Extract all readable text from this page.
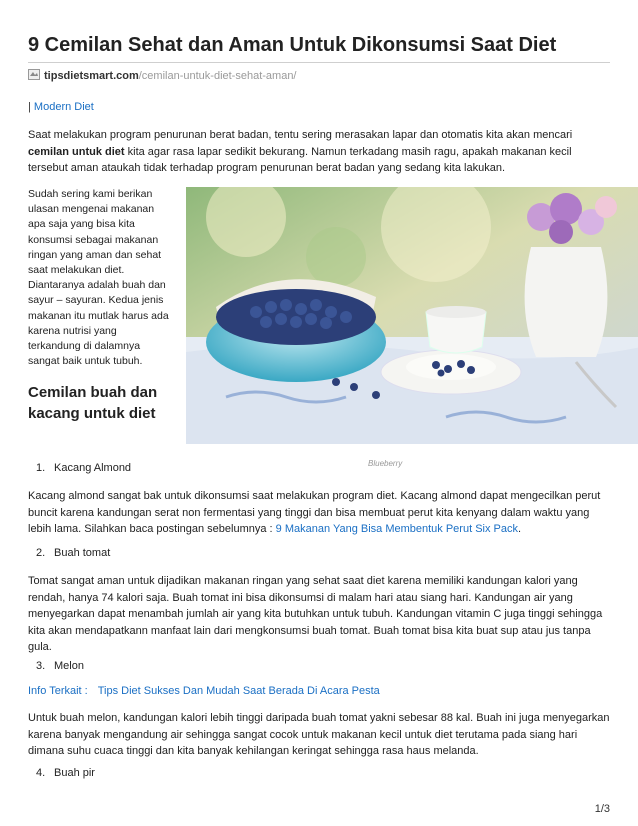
9 Cemilan Sehat dan Aman Untuk Dikonsumsi Saat Diet
tipsdietsmart.com/cemilan-untuk-diet-sehat-aman/
| Modern Diet

Saat melakukan program penurunan berat badan, tentu sering merasakan lapar dan otomatis kita akan mencari cemilan untuk diet kita agar rasa lapar sedikit bekurang. Namun terkadang masih ragu, apakah makanan kecil tersebut aman ataukah tidak terhadap program penurunan berat badan yang sedang kita lakukan.

Sudah sering kami berikan ulasan mengenai makanan apa saja yang bisa kita konsumsi sebagai makanan ringan yang aman dan sehat saat melakukan diet. Diantaranya adalah buah dan sayur – sayuran. Kedua jenis makanan itu mutlak harus ada karena nutrisi yang terkandung di dalamnya sangat baik untuk tubuh.

Cemilan buah dan kacang untuk diet
1. Kacang Almond	Blueberry

Kacang almond sangat bak untuk dikonsumsi saat melakukan program diet. Kacang almond dapat mengecilkan perut buncit karena kandungan serat non fermentasi yang tinggi dan bisa membuat perut kita kenyang dalam waktu yang lebih lama. Silahkan baca postingan sebelumnya : 9 Makanan Yang Bisa Membentuk Perut Six Pack.

2. Buah tomat

Tomat sangat aman untuk dijadikan makanan ringan yang sehat saat diet karena memiliki kandungan kalori yang rendah, hanya 74 kalori saja. Buah tomat ini bisa dikonsumsi di malam hari atau siang hari. Kandungan air yang menyegarkan dapat menambah jumlah air yang kita butuhkan untuk tubuh. Kandungan vitamin C juga tinggi sehingga kita akan mendapatkann manfaat lain dari mengkonsumsi buah tomat. Buah tomat bisa kita buat sup atau jus tanpa gula.

3. Melon
Info Terkait : Tips Diet Sukses Dan Mudah Saat Berada Di Acara Pesta

Untuk buah melon, kandungan kalori lebih tinggi daripada buah tomat yakni sebesar 88 kal. Buah ini juga menyegarkan karena banyak mengandung air sehingga sangat cocok untuk makanan kecil untuk diet terutama pada siang hari dimana suhu cuaca tinggi dan kita banyak kehilangan keringat sehingga rasa haus melanda.

4. Buah pir
1/3
